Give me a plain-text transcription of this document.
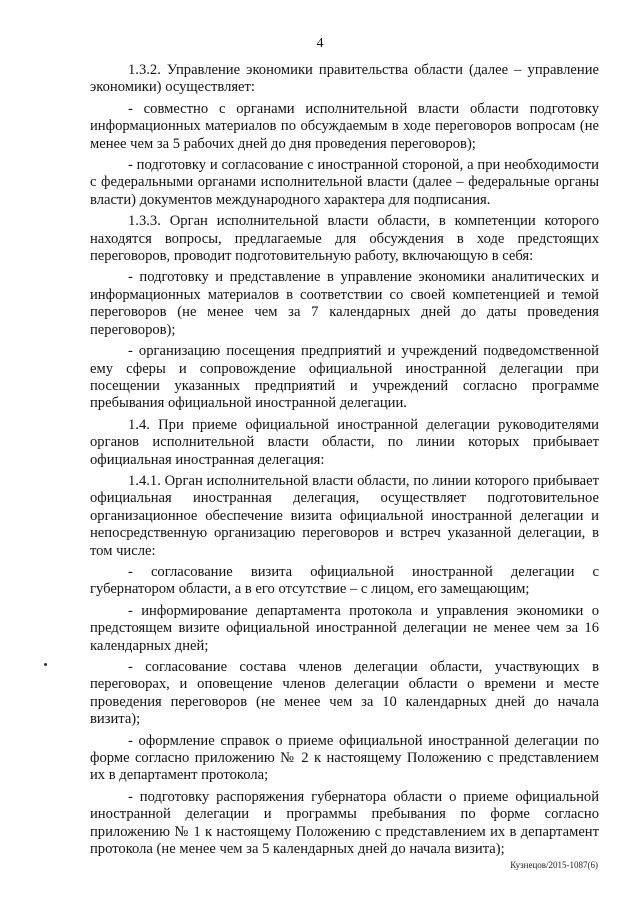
4

1.3.2. Управление экономики правительства области (далее – управление экономики) осуществляет:

- совместно с органами исполнительной власти области подготовку информационных материалов по обсуждаемым в ходе переговоров вопросам (не менее чем за 5 рабочих дней до дня проведения переговоров);

- подготовку и согласование с иностранной стороной, а при необходимости с федеральными органами исполнительной власти (далее – федеральные органы власти) документов международного характера для подписания.

1.3.3. Орган исполнительной власти области, в компетенции которого находятся вопросы, предлагаемые для обсуждения в ходе предстоящих переговоров, проводит подготовительную работу, включающую в себя:

- подготовку и представление в управление экономики аналитических и информационных материалов в соответствии со своей компетенцией и темой переговоров (не менее чем за 7 календарных дней до даты проведения переговоров);

- организацию посещения предприятий и учреждений подведомственной ему сферы и сопровождение официальной иностранной делегации при посещении указанных предприятий и учреждений согласно программе пребывания официальной иностранной делегации.

1.4. При приеме официальной иностранной делегации руководителями органов исполнительной власти области, по линии которых прибывает официальная иностранная делегация:

1.4.1. Орган исполнительной власти области, по линии которого прибывает официальная иностранная делегация, осуществляет подготовительное организационное обеспечение визита официальной иностранной делегации и непосредственную организацию переговоров и встреч указанной делегации, в том числе:

- согласование визита официальной иностранной делегации с губернатором области, а в его отсутствие – с лицом, его замещающим;

- информирование департамента протокола и управления экономики о предстоящем визите официальной иностранной делегации не менее чем за 16 календарных дней;

- согласование состава членов делегации области, участвующих в переговорах, и оповещение членов делегации области о времени и месте проведения переговоров (не менее чем за 10 календарных дней до начала визита);

- оформление справок о приеме официальной иностранной делегации по форме согласно приложению № 2 к настоящему Положению с представлением их в департамент протокола;

- подготовку распоряжения губернатора области о приеме официальной иностранной делегации и программы пребывания по форме согласно приложению № 1 к настоящему Положению с представлением их в департамент протокола (не менее чем за 5 календарных дней до начала визита);

Кузнецов/2015-1087(6)
